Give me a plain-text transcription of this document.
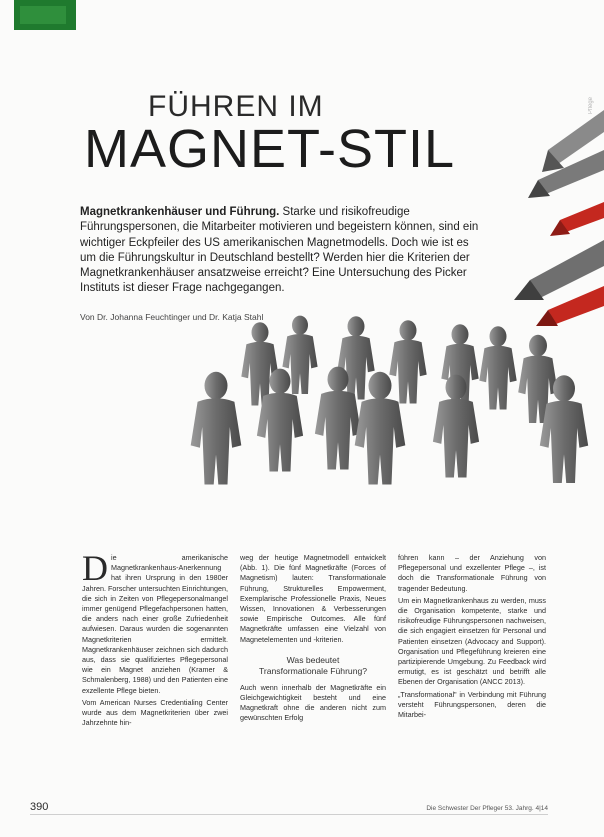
Pflege
FÜHREN IM
MAGNET-STIL

Magnetkrankenhäuser und Führung. Starke und risikofreudige Führungspersonen, die Mitarbeiter motivieren und begeistern können, sind ein wichtiger Eckpfeiler des US amerikanischen Magnetmodells. Doch wie ist es um die Führungskultur in Deutschland bestellt? Werden hier die Kriterien der Magnetkrankenhäuser ansatzweise erreicht? Eine Untersuchung des Picker Instituts ist dieser Frage nachgegangen.

Von Dr. Johanna Feuchtinger und Dr. Katja Stahl

Die amerikanische Magnetkrankenhaus-Anerkennung hat ihren Ursprung in den 1980er Jahren. Forscher untersuchten Einrichtungen, die sich in Zeiten von Pflegepersonalmangel immer genügend Pflegefachpersonen hatten, die anders nach einer große Zufriedenheit aufwiesen. Daraus wurden die sogenannten Magnetkriterien ermittelt. Magnetkrankenhäuser zeichnen sich dadurch aus, dass sie qualifiziertes Pflegepersonal wie ein Magnet anziehen (Kramer & Schmalenberg, 1988) und den Patienten eine exzellente Pflege bieten.

Vom American Nurses Credentialing Center wurde aus dem Magnetkriterien über zwei Jahrzehnte hin-

weg der heutige Magnetmodell entwickelt (Abb. 1). Die fünf Magnetkräfte (Forces of Magnetism) lauten: Transformationale Führung, Strukturelles Empowerment, Exemplarische Professionelle Praxis, Neues Wissen, Innovationen & Verbesserungen sowie Empirische Outcomes. Alle fünf Magnetkräfte umfassen eine Vielzahl von Magnetelementen und -kriterien.

Was bedeutet
Transformationale Führung?

Auch wenn innerhalb der Magnetkräfte ein Gleichgewichtigkeit besteht und eine Magnetkraft ohne die anderen nicht zum gewünschten Erfolg

führen kann – der Anziehung von Pflegepersonal und exzellenter Pflege –, ist doch die Transformationale Führung von tragender Bedeutung.

Um ein Magnetkrankenhaus zu werden, muss die Organisation kompetente, starke und risikofreudige Führungspersonen nachweisen, die sich engagiert einsetzen für Personal und Patienten einsetzen (Advocacy and Support). Organisation und Pflegeführung kreieren eine partizipierende Umgebung. Zu Feedback wird ermutigt, es ist geschätzt und betrifft alle Ebenen der Organisation (ANCC 2013).

„Transformational" in Verbindung mit Führung versteht Führungspersonen, deren die Mitarbei-

390	Die Schwester Der Pfleger 53. Jahrg. 4|14
